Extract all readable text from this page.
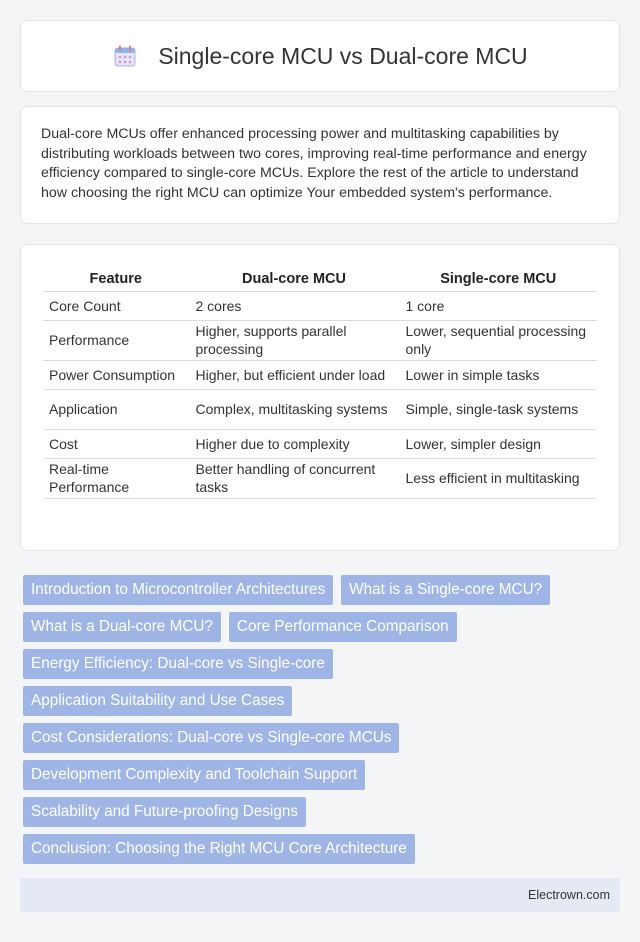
Single-core MCU vs Dual-core MCU

Dual-core MCUs offer enhanced processing power and multitasking capabilities by distributing workloads between two cores, improving real-time performance and energy efficiency compared to single-core MCUs. Explore the rest of the article to understand how choosing the right MCU can optimize Your embedded system's performance.

Feature	Dual-core MCU	Single-core MCU
Core Count	2 cores	1 core
Performance	Higher, supports parallel processing	Lower, sequential processing only
Power Consumption	Higher, but efficient under load	Lower in simple tasks
Application	Complex, multitasking systems	Simple, single-task systems
Cost	Higher due to complexity	Lower, simpler design
Real-time Performance	Better handling of concurrent tasks	Less efficient in multitasking
Introduction to Microcontroller Architectures	What is a Single-core MCU?
What is a Dual-core MCU?	Core Performance Comparison
Energy Efficiency: Dual-core vs Single-core
Application Suitability and Use Cases
Cost Considerations: Dual-core vs Single-core MCUs
Development Complexity and Toolchain Support
Scalability and Future-proofing Designs
Conclusion: Choosing the Right MCU Core Architecture
Electrown.com
